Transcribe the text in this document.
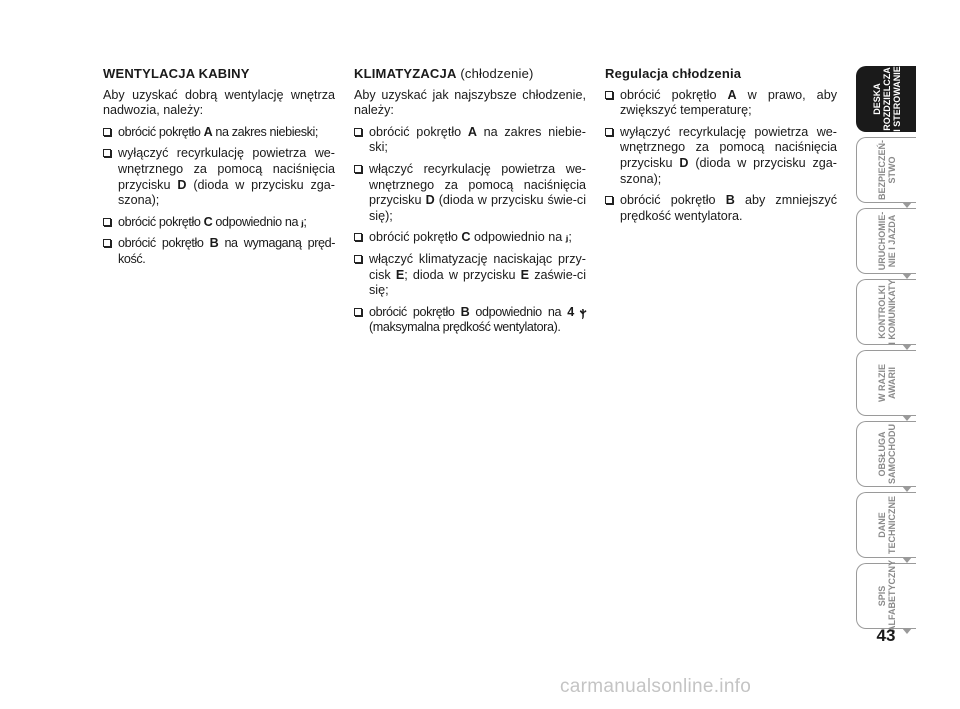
WENTYLACJA KABINY

Aby uzyskać dobrą wentylację wnętrza nadwozia, należy:

obrócić pokrętło A na zakres niebieski;
wyłączyć recyrkulację powietrza we-wnętrznego za pomocą naciśnięcia przycisku D (dioda w przycisku zga-szona);
obrócić pokrętło C odpowiednio na ⱼ;
obrócić pokrętło B na wymaganą pręd-kość.
KLIMATYZACJA (chłodzenie)

Aby uzyskać jak najszybsze chłodzenie, należy:

obrócić pokrętło A na zakres niebie-ski;
włączyć recyrkulację powietrza we-wnętrznego za pomocą naciśnięcia przycisku D (dioda w przycisku świe-ci się);
obrócić pokrętło C odpowiednio na ⱼ;
włączyć klimatyzację naciskając przy-cisk E; dioda w przycisku E zaświe-ci się;
obrócić pokrętło B odpowiednio na 4 ⲯ (maksymalna prędkość wentylatora).
Regulacja chłodzenia
obrócić pokrętło A w prawo, aby zwiększyć temperaturę;
wyłączyć recyrkulację powietrza we-wnętrznego za pomocą naciśnięcia przycisku D (dioda w przycisku zga-szona);
obrócić pokrętło B aby zmniejszyć prędkość wentylatora.
DESKA
ROZDZIELCZA
I STEROWANIE
BEZPIECZEŃ-
STWO
URUCHOMIE-
NIE I JAZDA
KONTROLKI
I KOMUNIKATY
W RAZIE
AWARII
OBSŁUGA
SAMOCHODU
DANE
TECHNICZNE
SPIS
ALFABETYCZNY
43
carmanualsonline.info
